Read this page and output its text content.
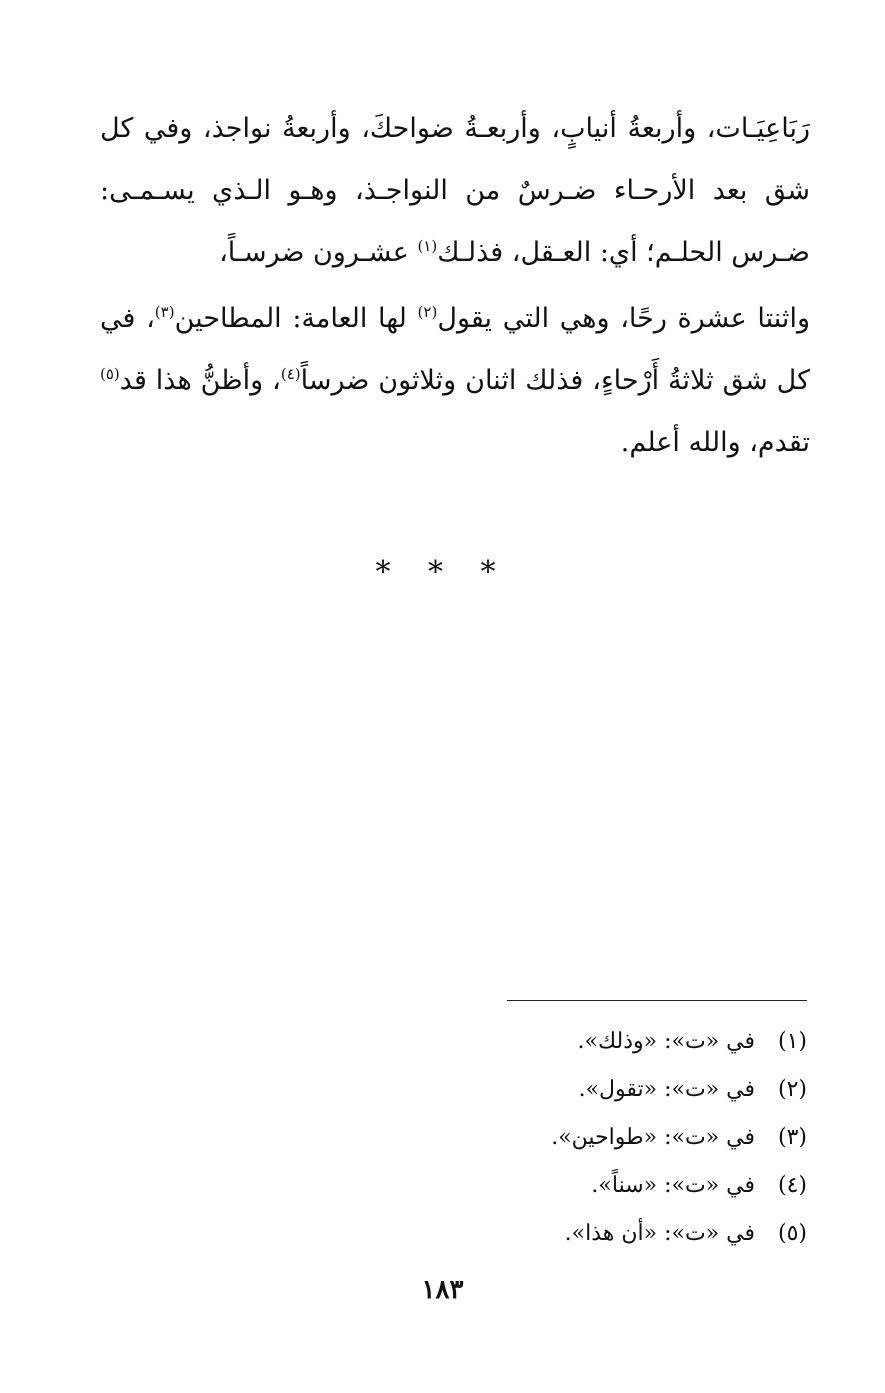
رَبَاعِيَـات، وأربعةُ أنيابٍ، وأربعـةُ ضواحكَ، وأربعةُ نواجذ، وفي كل شق بعد الأرحـاء ضـرسٌ من النواجـذ، وهـو الـذي يسـمـى: ضـرس الحلـم؛ أي: العـقل، فذلـك$^{(١)}$ عشـرون ضرسـاً،

واثنتا عشرة رحًا، وهي التي يقول$^{(٢)}$ لها العامة: المطاحين$^{(٣)}$، في كل شق ثلاثةُ أَرْحاءٍ، فذلك اثنان وثلاثون ضرساً$^{(٤)}$، وأظنُّ هذا قد$^{(٥)}$ تقدم، والله أعلم.

* * *
(١)في «ت»: «وذلك».
(٢)في «ت»: «تقول».
(٣)في «ت»: «طواحين».
(٤)في «ت»: «سناً».
(٥)في «ت»: «أن هذا».
١٨٣
